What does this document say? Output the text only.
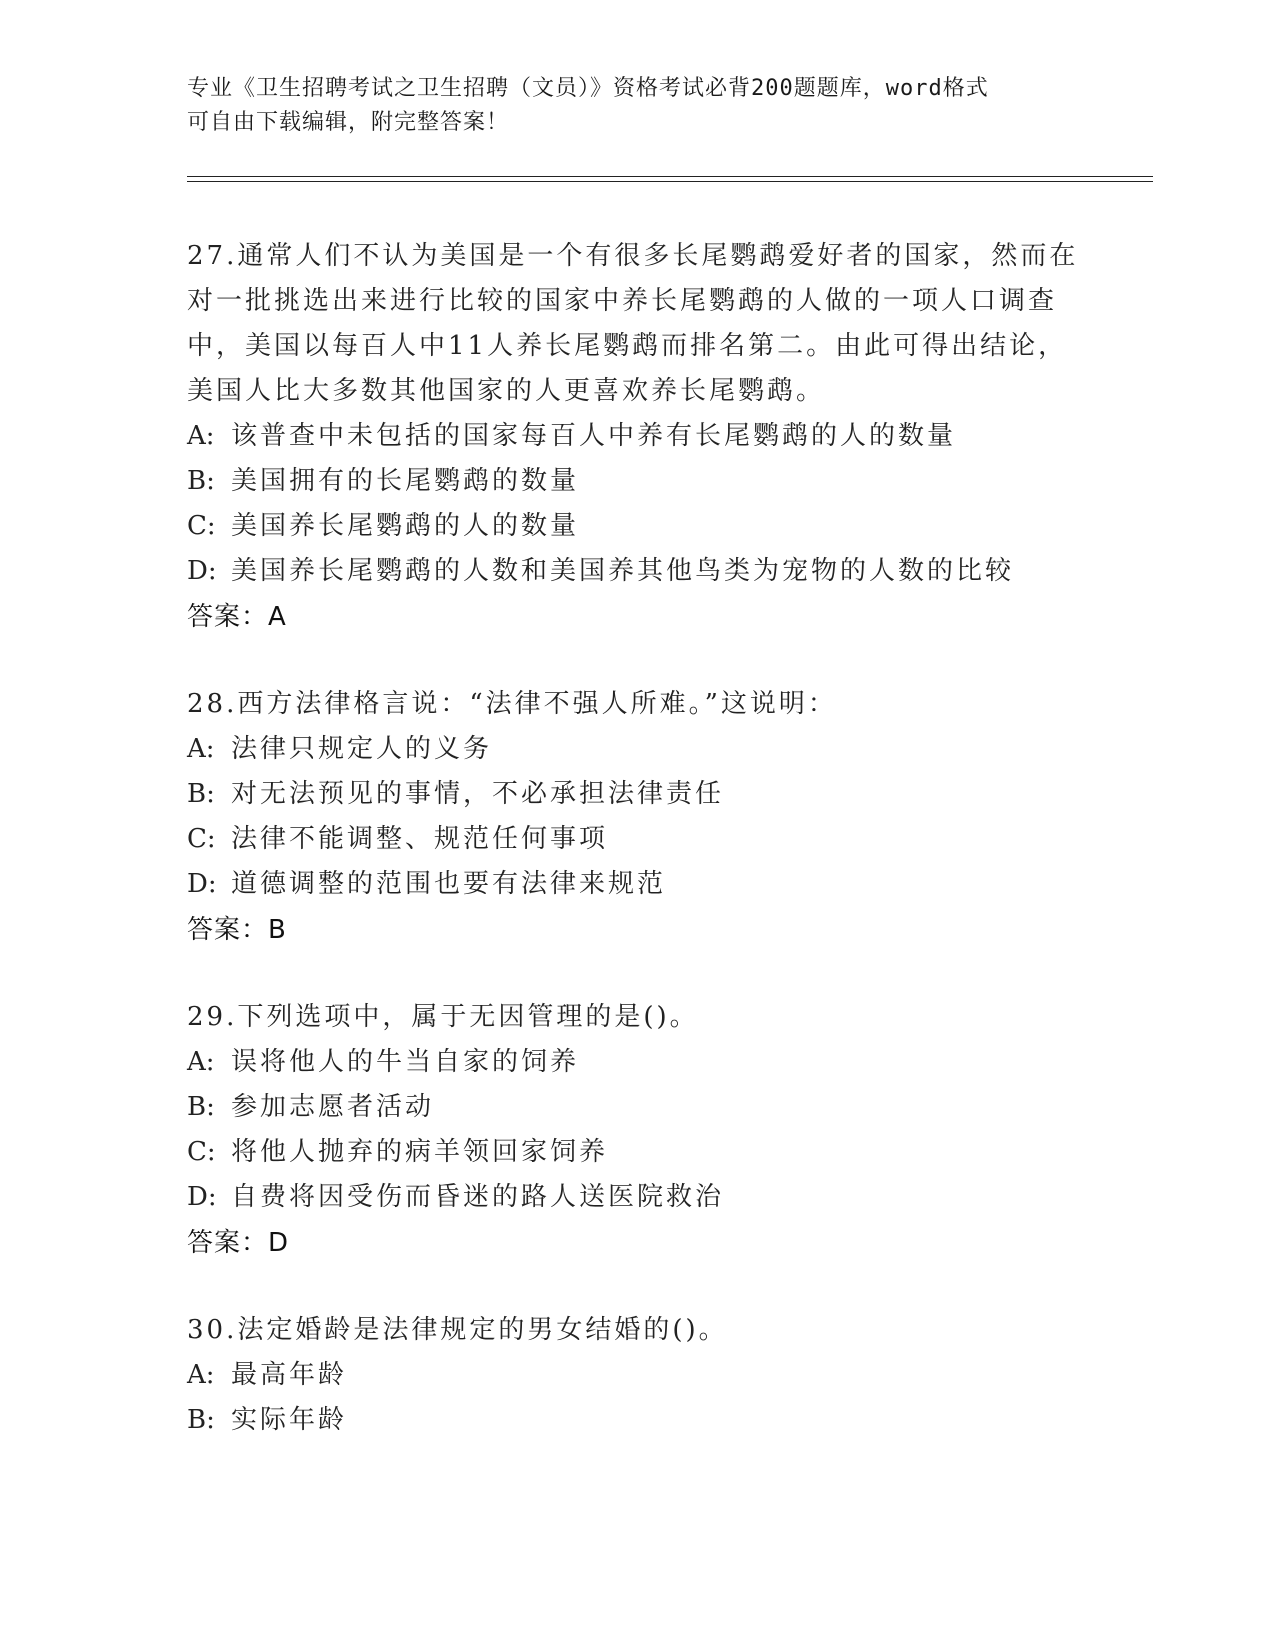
专业《卫生招聘考试之卫生招聘（文员）》资格考试必背200题题库，word格式
可自由下载编辑，附完整答案！
27.通常人们不认为美国是一个有很多长尾鹦鹉爱好者的国家，然而在对一批挑选出来进行比较的国家中养长尾鹦鹉的人做的一项人口调查中，美国以每百人中11人养长尾鹦鹉而排名第二。由此可得出结论，美国人比大多数其他国家的人更喜欢养长尾鹦鹉。
A: 该普查中未包括的国家每百人中养有长尾鹦鹉的人的数量
B: 美国拥有的长尾鹦鹉的数量
C: 美国养长尾鹦鹉的人的数量
D: 美国养长尾鹦鹉的人数和美国养其他鸟类为宠物的人数的比较
答案：A
28.西方法律格言说：“法律不强人所难。”这说明：
A: 法律只规定人的义务
B: 对无法预见的事情，不必承担法律责任
C: 法律不能调整、规范任何事项
D: 道德调整的范围也要有法律来规范
答案：B
29.下列选项中，属于无因管理的是()。
A: 误将他人的牛当自家的饲养
B: 参加志愿者活动
C: 将他人抛弃的病羊领回家饲养
D: 自费将因受伤而昏迷的路人送医院救治
答案：D
30.法定婚龄是法律规定的男女结婚的()。
A: 最高年龄
B: 实际年龄
